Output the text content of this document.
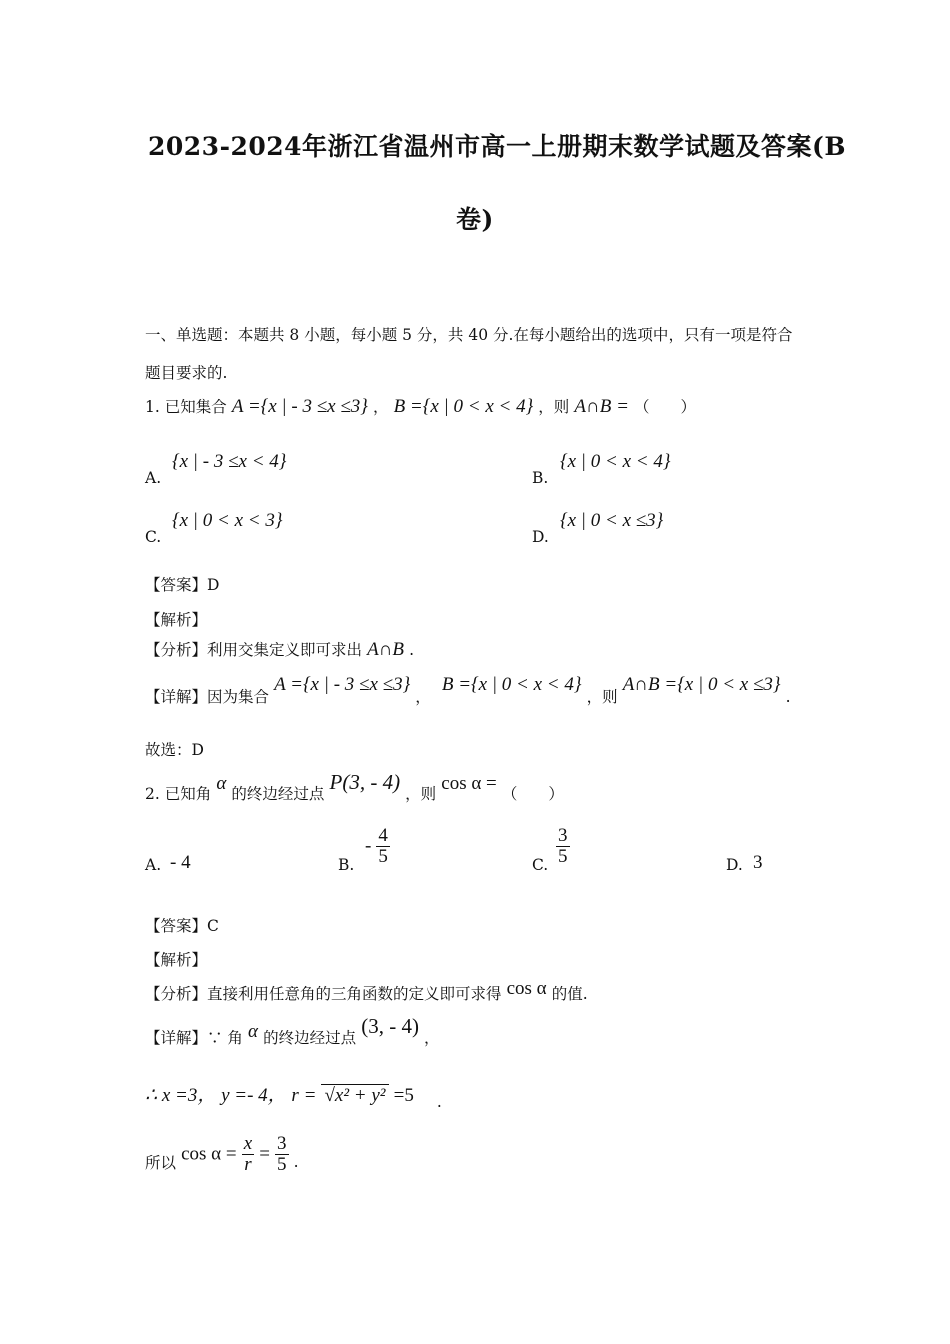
2023-2024年浙江省温州市高一上册期末数学试题及答案(B
卷)
一、单选题：本题共 8 小题，每小题 5 分，共 40 分.在每小题给出的选项中，只有一项是符合
题目要求的.
1. 已知集合 A ={x | - 3 ≤x ≤3} ， B ={x | 0 < x < 4} ，则 A∩B = （　　）
A.
{x | - 3 ≤x < 4}
B.
{x | 0 < x < 4}
C.
{x | 0 < x < 3}
D.
{x | 0 < x ≤3}
【答案】D
【解析】
【分析】利用交集定义即可求出 A∩B .
【详解】因为集合 A ={x | - 3 ≤x ≤3} ， B ={x | 0 < x < 4} ，则 A∩B ={x | 0 < x ≤3} .
故选：D
2. 已知角 α 的终边经过点 P(3, - 4) ，则 cos α = （　　）
A. - 4	B.
- $\frac{4}{5}$	C. $\frac{3}{5}$	D. 3
【答案】C
【解析】
【分析】直接利用任意角的三角函数的定义即可求得 cos α 的值.
【详解】∵ 角 α 的终边经过点 (3, - 4) ，
∴ x =3， y =- 4， r = √x² + y² =5 .
所以 $\cos \alpha = \frac{x}{r} = \frac{3}{5}$ .
